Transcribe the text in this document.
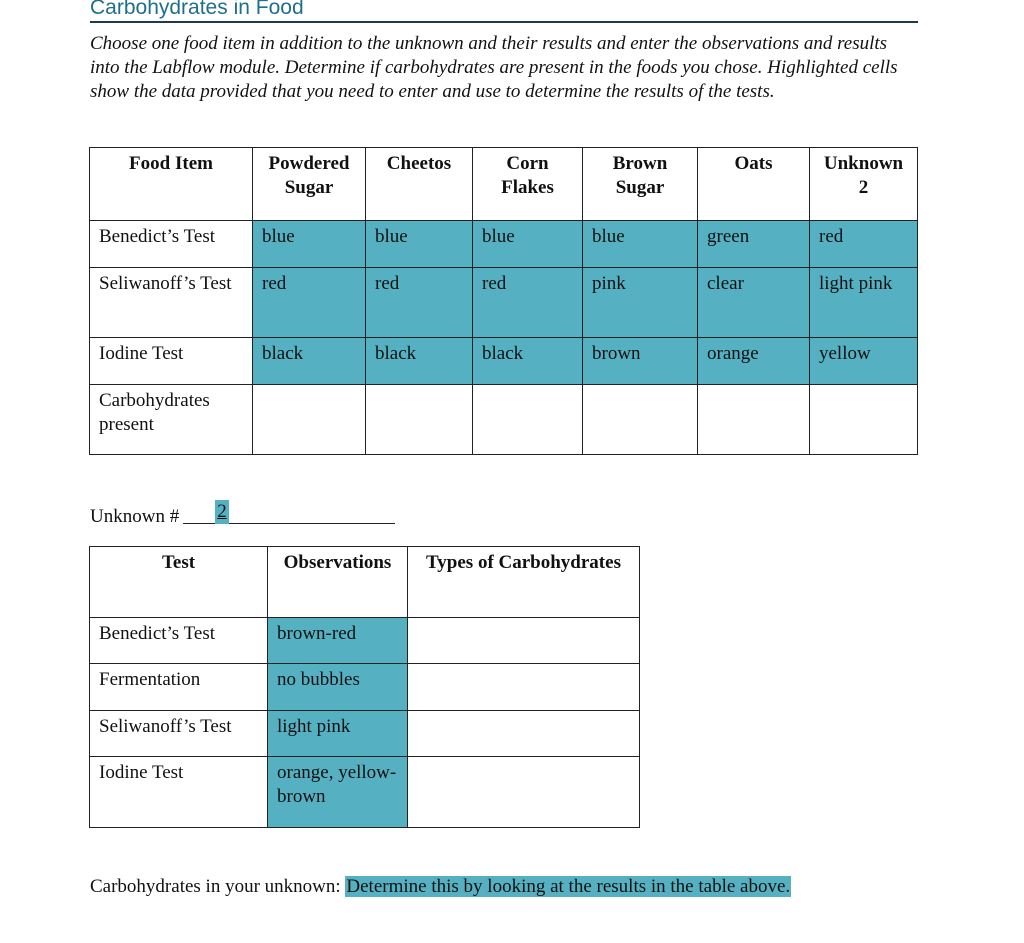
Carbohydrates in Food
Choose one food item in addition to the unknown and their results and enter the observations and results into the Labflow module. Determine if carbohydrates are present in the foods you chose. Highlighted cells show the data provided that you need to enter and use to determine the results of the tests.
Food Item	Powdered Sugar	Cheetos	Corn Flakes	Brown Sugar	Oats	Unknown 2
Benedict’s Test	blue	blue	blue	blue	green	red
Seliwanoff’s Test	red	red	red	pink	clear	light pink
Iodine Test	black	black	black	brown	orange	yellow
Carbohydrates present						
Unknown # 2
Test	Observations	Types of Carbohydrates
Benedict’s Test	brown-red	
Fermentation	no bubbles	
Seliwanoff’s Test	light pink	
Iodine Test	orange, yellow-brown	
Carbohydrates in your unknown: Determine this by looking at the results in the table above.
